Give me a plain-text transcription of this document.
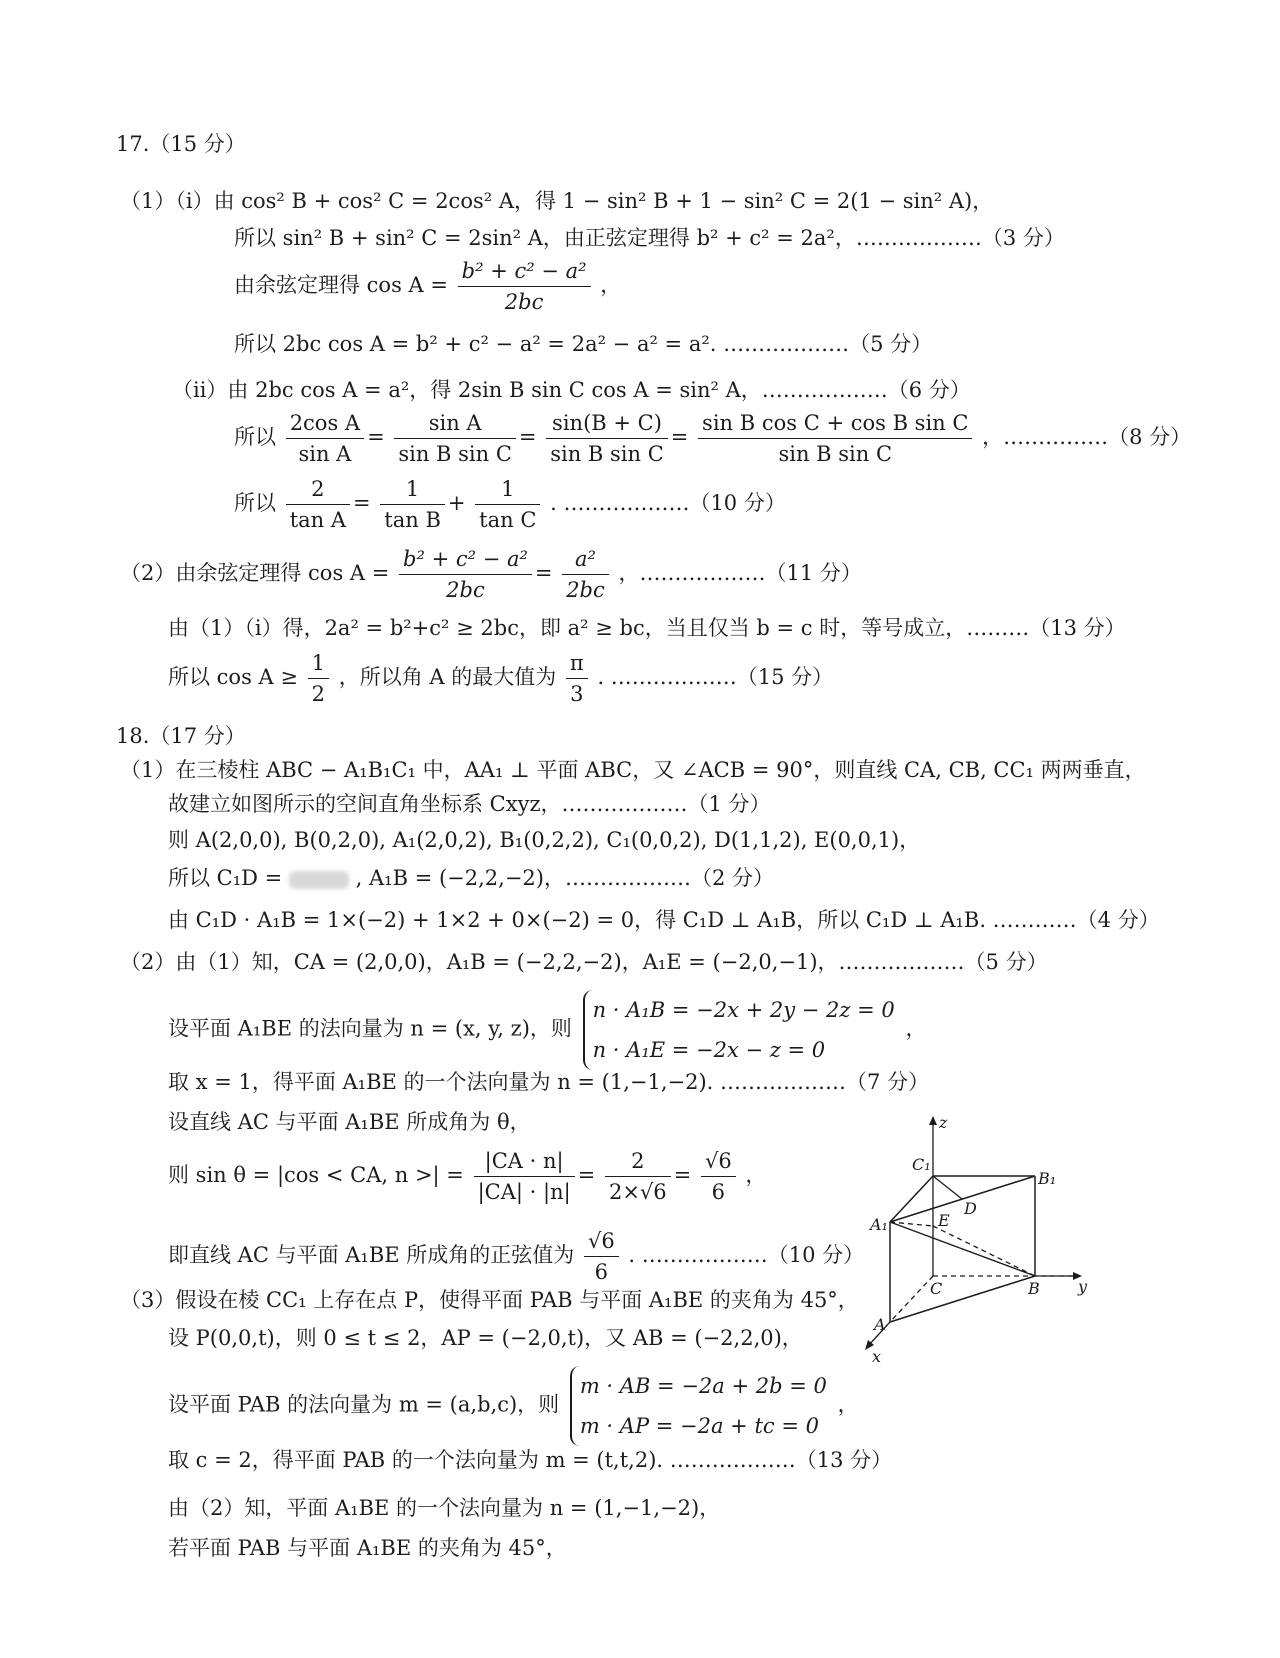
17.（15 分）
（1）（ⅰ）由 cos² B + cos² C = 2cos² A，得 1 − sin² B + 1 − sin² C = 2(1 − sin² A)，
所以 sin² B + sin² C = 2sin² A，由正弦定理得 b² + c² = 2a²，………………（3 分）
由余弦定理得 $\cos A = \frac{\text{b² + c² − a²}}{2bc}$ ，
所以 2bc cos A = b² + c² − a² = 2a² − a² = a². ………………（5 分）
（ⅱ）由 2bc cos A = a²，得 2sin B sin C cos A = sin² A，………………（6 分）
所以 $\frac{\text{2cos A}}{\text{sin A}} = \frac{\text{sin A}}{\text{sin B sin C}} = \frac{\sin(B + C)}{\text{sin B sin C}} = \frac{\text{sin B cos C + cos B sin C}}{\text{sin B sin C}}$ ，……………（8 分）
所以 $\frac{2}{\text{tan A}} = \frac{1}{\text{tan B}} + \frac{1}{\text{tan C}}$ . ………………（10 分）
（2）由余弦定理得 $\cos A = \frac{\text{b² + c² − a²}}{2bc} = \frac{\text{a²}}{2bc}$ ，………………（11 分）
由（1）（ⅰ）得，2a² = b²+c² ≥ 2bc，即 a² ≥ bc，当且仅当 b = c 时，等号成立，………（13 分）
所以 $\cos A \ge \frac{1}{2}$ ，所以角 A 的最大值为 $\frac{\pi}{3}$ . ………………（15 分）
18.（17 分）
（1）在三棱柱 ABC − A₁B₁C₁ 中，AA₁ ⊥ 平面 ABC，又 ∠ACB = 90°，则直线 CA, CB, CC₁ 两两垂直，
故建立如图所示的空间直角坐标系 Cxyz，………………（1 分）
则 A(2,0,0), B(0,2,0), A₁(2,0,2), B₁(0,2,2), C₁(0,0,2), D(1,1,2), E(0,0,1)，
所以 C₁D =	, A₁B = (−2,2,−2)，………………（2 分）
由 C₁D · A₁B = 1×(−2) + 1×2 + 0×(−2) = 0，得 C₁D ⊥ A₁B，所以 C₁D ⊥ A₁B. …………（4 分）
（2）由（1）知，CA = (2,0,0)，A₁B = (−2,2,−2)，A₁E = (−2,0,−1)，………………（5 分）
设平面 A₁BE 的法向量为 n = (x, y, z)，则
n · A₁B = −2x + 2y − 2z = 0
n · A₁E = −2x − z = 0
，
取 x = 1，得平面 A₁BE 的一个法向量为 n = (1,−1,−2). ………………（7 分）
设直线 AC 与平面 A₁BE 所成角为 θ，
则 sin θ = |cos < CA, n >| = $\frac{|CA \cdot n|}{|CA| \cdot |n|} = \frac{2}{2\times√6} = \frac{√6}{6}$ ，
即直线 AC 与平面 A₁BE 所成角的正弦值为 $\frac{√6}{6}$ . ………………（10 分）
（3）假设在棱 CC₁ 上存在点 P，使得平面 PAB 与平面 A₁BE 的夹角为 45°，
设 P(0,0,t)，则 0 ≤ t ≤ 2，AP = (−2,0,t)，又 AB = (−2,2,0)，
设平面 PAB 的法向量为 m = (a,b,c)，则
m · AB = −2a + 2b = 0
m · AP = −2a + tc = 0
，
取 c = 2，得平面 PAB 的一个法向量为 m = (t,t,2). ………………（13 分）
由（2）知，平面 A₁BE 的一个法向量为 n = (1,−1,−2)，
若平面 PAB 与平面 A₁BE 的夹角为 45°，
z
y
x
C₁
B₁
A₁
D
E
C	B
A
